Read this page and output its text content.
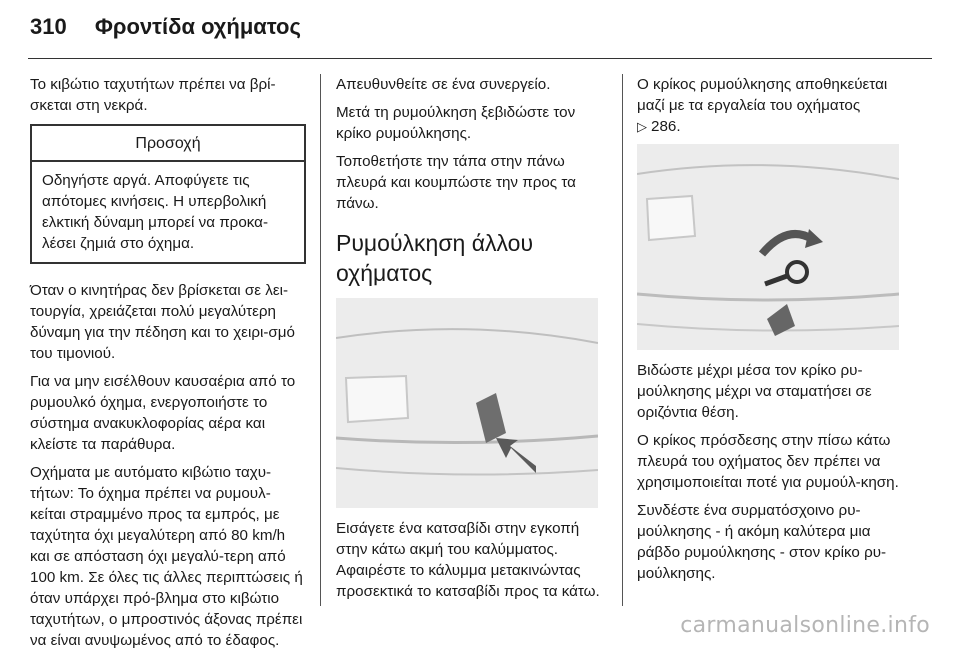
310 Φροντίδα οχήματος

Το κιβώτιο ταχυτήτων πρέπει να βρί-σκεται στη νεκρά.

Προσοχή
Οδηγήστε αργά. Αποφύγετε τις απότομες κινήσεις. Η υπερβολική ελκτική δύναμη μπορεί να προκα-λέσει ζημιά στο όχημα.

Όταν ο κινητήρας δεν βρίσκεται σε λει-τουργία, χρειάζεται πολύ μεγαλύτερη δύναμη για την πέδηση και το χειρι-σμό του τιμονιού.

Για να μην εισέλθουν καυσαέρια από το ρυμουλκό όχημα, ενεργοποιήστε το σύστημα ανακυκλοφορίας αέρα και κλείστε τα παράθυρα.

Οχήματα με αυτόματο κιβώτιο ταχυ-τήτων: Το όχημα πρέπει να ρυμουλ-κείται στραμμένο προς τα εμπρός, με ταχύτητα όχι μεγαλύτερη από 80 km/h και σε απόσταση όχι μεγαλύ-τερη από 100 km. Σε όλες τις άλλες περιπτώσεις ή όταν υπάρχει πρό-βλημα στο κιβώτιο ταχυτήτων, ο μπροστινός άξονας πρέπει να είναι ανυψωμένος από το έδαφος.

Απευθυνθείτε σε ένα συνεργείο.

Μετά τη ρυμούλκηση ξεβιδώστε τον κρίκο ρυμούλκησης.

Τοποθετήστε την τάπα στην πάνω πλευρά και κουμπώστε την προς τα πάνω.

Ρυμούλκηση άλλου οχήματος

Εισάγετε ένα κατσαβίδι στην εγκοπή στην κάτω ακμή του καλύμματος. Αφαιρέστε το κάλυμμα μετακινώντας προσεκτικά το κατσαβίδι προς τα κάτω.

Ο κρίκος ρυμούλκησης αποθηκεύεται μαζί με τα εργαλεία του οχήματος
▷ 286.

Βιδώστε μέχρι μέσα τον κρίκο ρυ-μούλκησης μέχρι να σταματήσει σε οριζόντια θέση.

Ο κρίκος πρόσδεσης στην πίσω κάτω πλευρά του οχήματος δεν πρέπει να χρησιμοποιείται ποτέ για ρυμούλ-κηση.

Συνδέστε ένα συρματόσχοινο ρυ-μούλκησης - ή ακόμη καλύτερα μια ράβδο ρυμούλκησης - στον κρίκο ρυ-μούλκησης.

carmanualsonline.info
